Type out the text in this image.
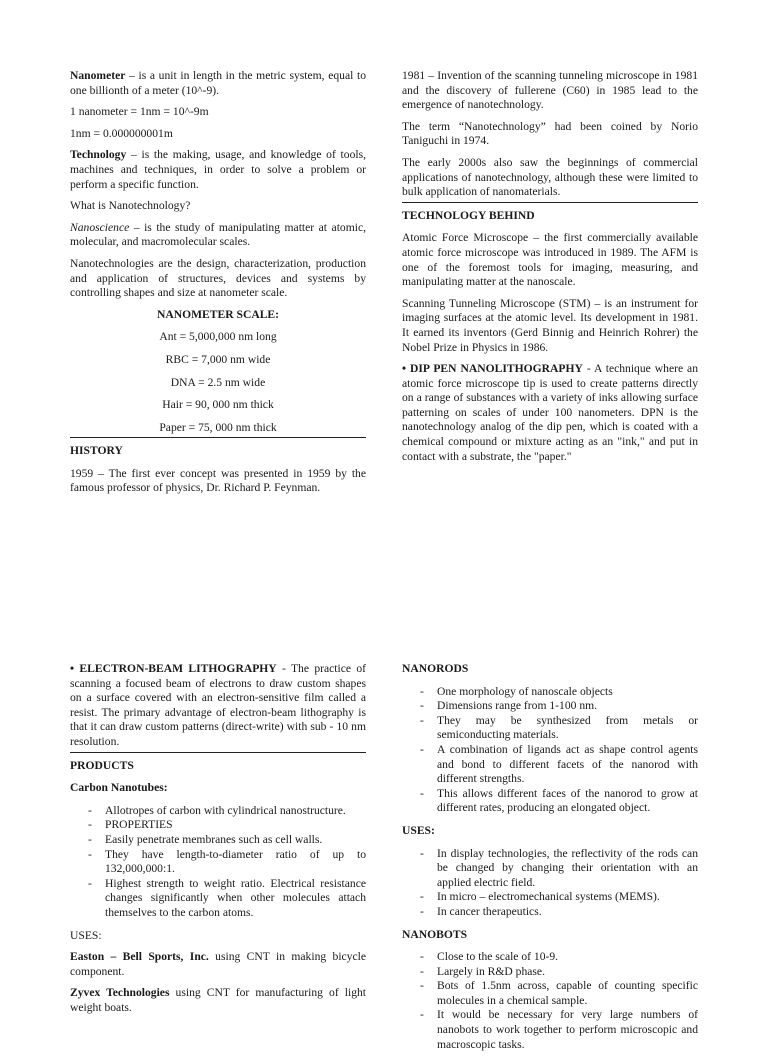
Nanometer – is a unit in length in the metric system, equal to one billionth of a meter (10^-9).

1 nanometer = 1nm = 10^-9m

1nm = 0.000000001m

Technology – is the making, usage, and knowledge of tools, machines and techniques, in order to solve a problem or perform a specific function.

What is Nanotechnology?

Nanoscience – is the study of manipulating matter at atomic, molecular, and macromolecular scales.

Nanotechnologies are the design, characterization, production and application of structures, devices and systems by controlling shapes and size at nanometer scale.

NANOMETER SCALE:

Ant = 5,000,000 nm long

RBC = 7,000 nm wide

DNA = 2.5 nm wide

Hair = 90, 000 nm thick

Paper = 75, 000 nm thick

HISTORY

1959 – The first ever concept was presented in 1959 by the famous professor of physics, Dr. Richard P. Feynman.

1981 – Invention of the scanning tunneling microscope in 1981 and the discovery of fullerene (C60) in 1985 lead to the emergence of nanotechnology.

The term “Nanotechnology” had been coined by Norio Taniguchi in 1974.

The early 2000s also saw the beginnings of commercial applications of nanotechnology, although these were limited to bulk application of nanomaterials.

TECHNOLOGY BEHIND

Atomic Force Microscope – the first commercially available atomic force microscope was introduced in 1989. The AFM is one of the foremost tools for imaging, measuring, and manipulating matter at the nanoscale.

Scanning Tunneling Microscope (STM) – is an instrument for imaging surfaces at the atomic level. Its development in 1981. It earned its inventors (Gerd Binnig and Heinrich Rohrer) the Nobel Prize in Physics in 1986.

• DIP PEN NANOLITHOGRAPHY - A technique where an atomic force microscope tip is used to create patterns directly on a range of substances with a variety of inks allowing surface patterning on scales of under 100 nanometers. DPN is the nanotechnology analog of the dip pen, which is coated with a chemical compound or mixture acting as an "ink," and put in contact with a substrate, the "paper."

• ELECTRON-BEAM LITHOGRAPHY - The practice of scanning a focused beam of electrons to draw custom shapes on a surface covered with an electron-sensitive film called a resist. The primary advantage of electron-beam lithography is that it can draw custom patterns (direct-write) with sub - 10 nm resolution.

PRODUCTS

Carbon Nanotubes:

- Allotropes of carbon with cylindrical nanostructure.
- PROPERTIES
- Easily penetrate membranes such as cell walls.
- They have length-to-diameter ratio of up to 132,000,000:1.
- Highest strength to weight ratio. Electrical resistance changes significantly when other molecules attach themselves to the carbon atoms.

USES:

Easton – Bell Sports, Inc. using CNT in making bicycle component.

Zyvex Technologies using CNT for manufacturing of light weight boats.

NANORODS

- One morphology of nanoscale objects
- Dimensions range from 1-100 nm.
- They may be synthesized from metals or semiconducting materials.
- A combination of ligands act as shape control agents and bond to different facets of the nanorod with different strengths.
- This allows different faces of the nanorod to grow at different rates, producing an elongated object.

USES:

- In display technologies, the reflectivity of the rods can be changed by changing their orientation with an applied electric field.
- In micro – electromechanical systems (MEMS).
- In cancer therapeutics.

NANOBOTS

- Close to the scale of 10-9.
- Largely in R&D phase.
- Bots of 1.5nm across, capable of counting specific molecules in a chemical sample.
- It would be necessary for very large numbers of nanobots to work together to perform microscopic and macroscopic tasks.
